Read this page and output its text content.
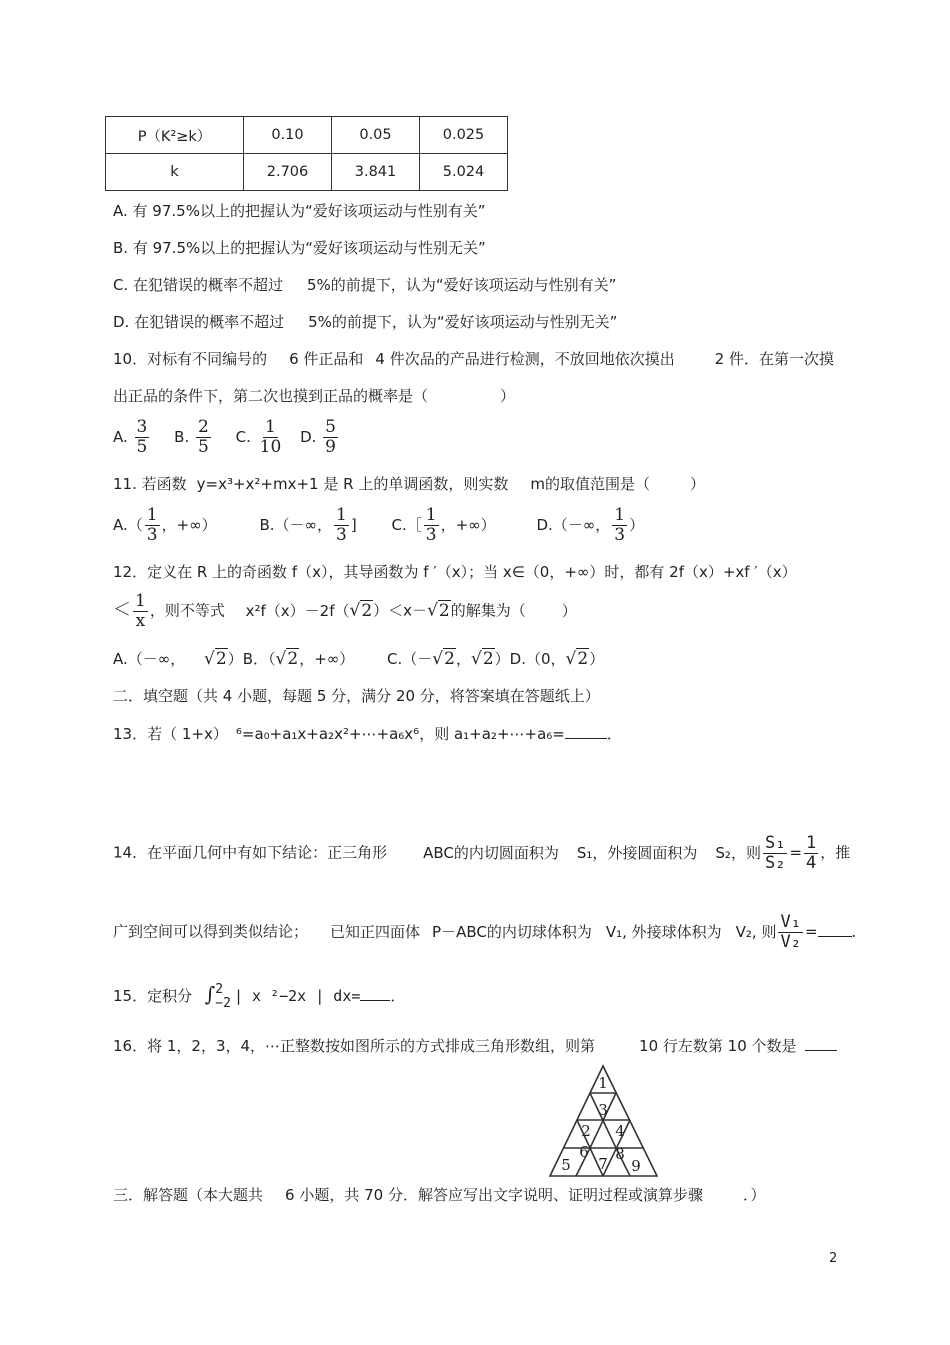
P（K²≥k）	0.10	0.05	0.025
k	2.706	3.841	5.024
A. 有 97.5%以上的把握认为“爱好该项运动与性别有关”
B. 有 97.5%以上的把握认为“爱好该项运动与性别无关”
C. 在犯错误的概率不超过 5%的前提下，认为“爱好该项运动与性别有关”
D. 在犯错误的概率不超过 5%的前提下，认为“爱好该项运动与性别无关”
10．对标有不同编号的 6 件正品和 4 件次品的产品进行检测，不放回地依次摸出	2 件．在第一次摸
出正品的条件下，第二次也摸到正品的概率是（	）
A. $\frac{3}{5} B$. $\frac{2}{5} C$. $\frac{1}{10} D$. $\frac{5}{9}$
11. 若函数 y=x³+x²+mx+1 是 R 上的单调函数，则实数 m的取值范围是（	）
$A.( \frac{1}{3}$ ，+∞）	B.（－∞， $\frac{1}{3}$ ] C.［ $\frac{1}{3}$ ，+∞）	D.（－∞， $\frac{1}{3}$ ）
12．定义在 R 上的奇函数 f（x），其导函数为 f ′（x）；当 x∈（0，+∞）时，都有 2f（x）+xf ′（x）
＜ $\frac{1}{x}$ ，则不等式 x²f（x）－2f（√2）＜x－√2的解集为（ ）
A.（－∞， √2）B．（√2，+∞） C.（－√2，√2）D.（0，√2）
二．填空题（共 4 小题，每题 5 分，满分 20 分，将答案填在答题纸上）
13．若（ 1+x） ⁶=a₀+a₁x+a₂x²+⋯+a₆x⁶，则 a₁+a₂+⋯+a₆=	．
14．在平面几何中有如下结论：正三角形 ABC的内切圆面积为 S₁，外接圆面积为 S₂，则 $\frac{\text{S₁}}{\text{S₂}} = \frac{1}{4}$ ，推
广到空间可以得到类似结论； 已知正四面体 P－ABC的内切球体积为 V₁, 外接球体积为 V₂, 则 $\frac{\text{V₁}}{\text{V₂}}$ = ．
15．定积分 ∫ 2
−2 | x ²−2x | dx= ．
16．将 1，2，3，4，⋯正整数按如图所示的方式排成三角形数组，则第	10 行左数第 10 个数是
1
3
2 4
6 8
5 7 9
三．解答题（本大题共 6 小题，共 70 分．解答应写出文字说明、证明过程或演算步骤	．）
2
